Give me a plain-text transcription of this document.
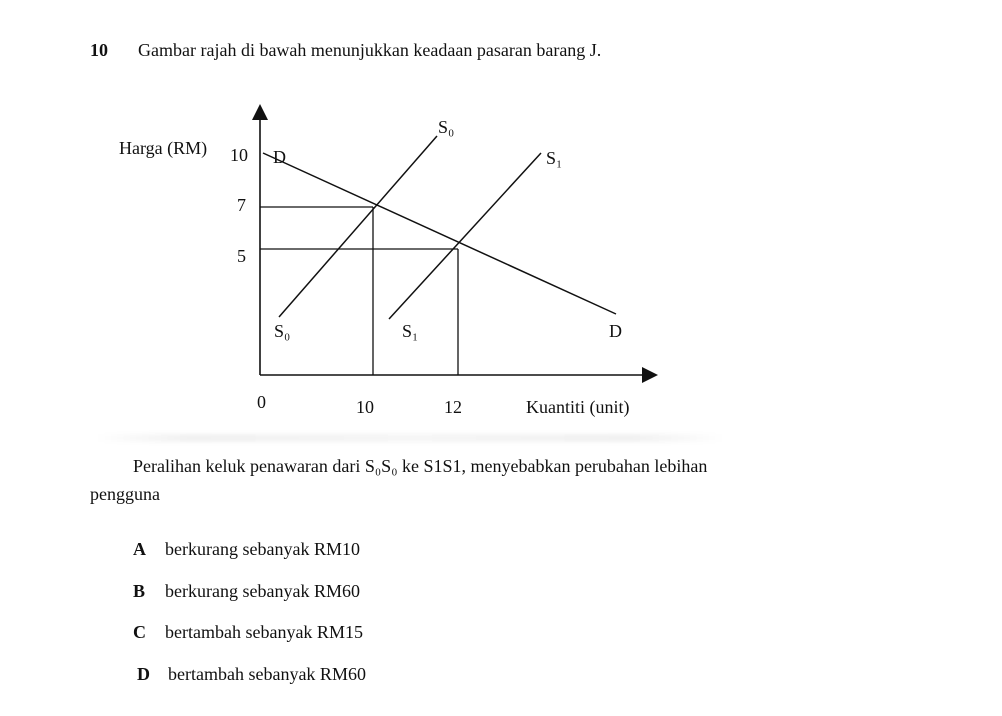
10 Gambar rajah di bawah menunjukkan keadaan pasaran barang J.
Harga (RM)
Kuantiti (unit)
10
7
5
0	10	12
D
D
S₀
S₀
S₁
S₁
Peralihan keluk penawaran dari S₀S₀ ke S1S1, menyebabkan perubahan lebihan
pengguna
A berkurang sebanyak RM10
B berkurang sebanyak RM60
C bertambah sebanyak RM15
D bertambah sebanyak RM60
